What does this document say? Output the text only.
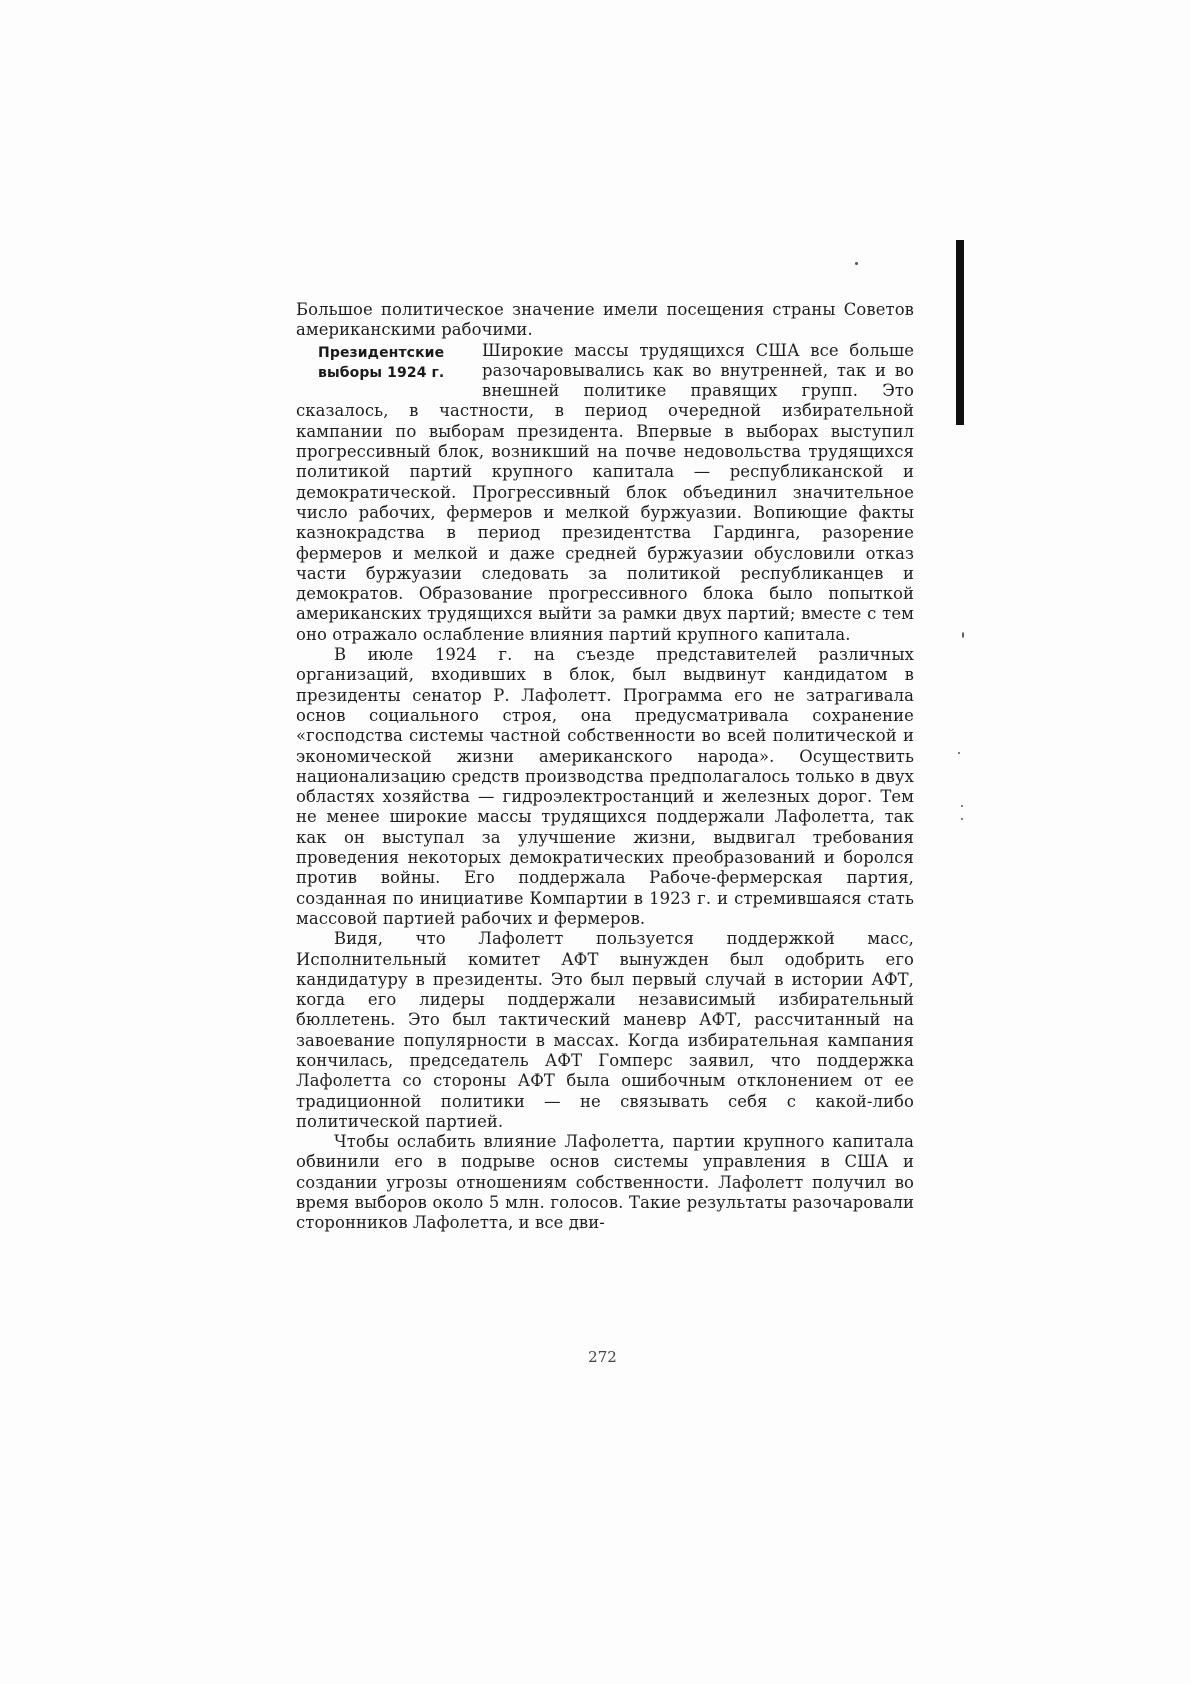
Большое политическое значение имели посещения страны Советов американскими рабочими.

Президентские
выборы 1924 г.

Широкие массы трудящихся США все больше разочаровывались как во внутренней, так и во внешней политике правящих групп. Это сказалось, в частности, в период очередной избирательной кампании по выборам президента. Впервые в выборах выступил прогрессивный блок, возникший на почве недовольства трудящихся политикой партий крупного капитала — республиканской и демократической. Прогрессивный блок объединил значительное число рабочих, фермеров и мелкой буржуазии. Вопиющие факты казнокрадства в период президентства Гардинга, разорение фермеров и мелкой и даже средней буржуазии обусловили отказ части буржуазии следовать за политикой республиканцев и демократов. Образование прогрессивного блока было попыткой американских трудящихся выйти за рамки двух партий; вместе с тем оно отражало ослабление влияния партий крупного капитала.

В июле 1924 г. на съезде представителей различных организаций, входивших в блок, был выдвинут кандидатом в президенты сенатор Р. Лафолетт. Программа его не затрагивала основ социального строя, она предусматривала сохранение «господства системы частной собственности во всей политической и экономической жизни американского народа». Осуществить национализацию средств производства предполагалось только в двух областях хозяйства — гидроэлектростанций и железных дорог. Тем не менее широкие массы трудящихся поддержали Лафолетта, так как он выступал за улучшение жизни, выдвигал требования проведения некоторых демократических преобразований и боролся против войны. Его поддержала Рабоче-фермерская партия, созданная по инициативе Компартии в 1923 г. и стремившаяся стать массовой партией рабочих и фермеров.

Видя, что Лафолетт пользуется поддержкой масс, Исполнительный комитет АФТ вынужден был одобрить его кандидатуру в президенты. Это был первый случай в истории АФТ, когда его лидеры поддержали независимый избирательный бюллетень. Это был тактический маневр АФТ, рассчитанный на завоевание популярности в массах. Когда избирательная кампания кончилась, председатель АФТ Гомперс заявил, что поддержка Лафолетта со стороны АФТ была ошибочным отклонением от ее традиционной политики — не связывать себя с какой-либо политической партией.

Чтобы ослабить влияние Лафолетта, партии крупного капитала обвинили его в подрыве основ системы управления в США и создании угрозы отношениям собственности. Лафолетт получил во время выборов около 5 млн. голосов. Такие результаты разочаровали сторонников Лафолетта, и все дви-

272
